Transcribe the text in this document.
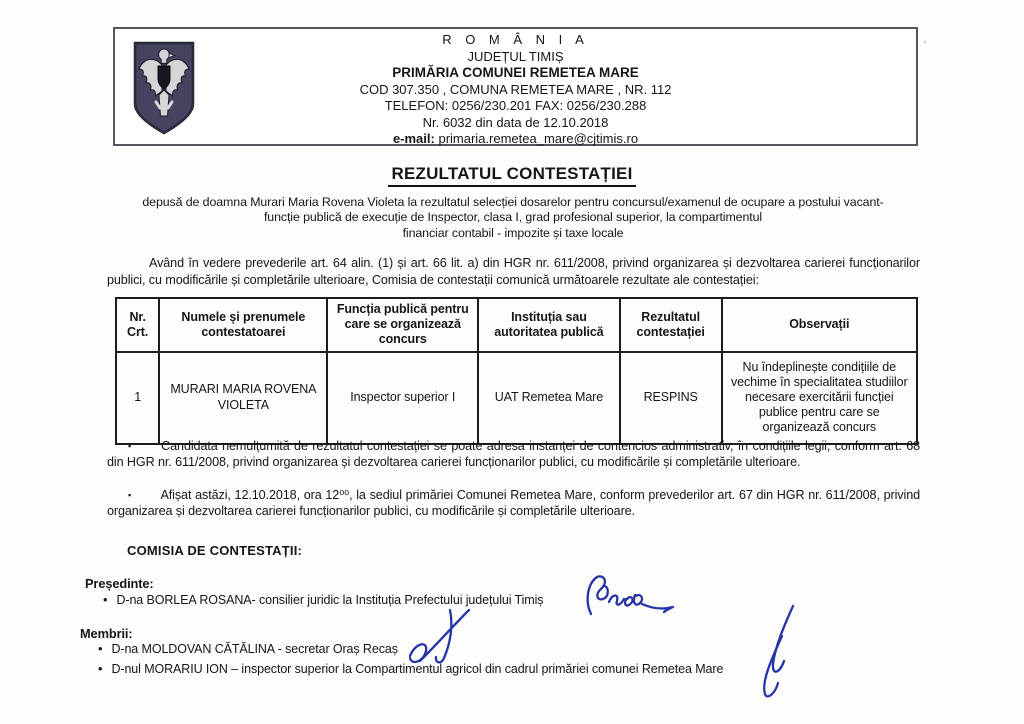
R O M Â N I A
JUDEȚUL TIMIȘ
PRIMĂRIA COMUNEI REMETEA MARE
COD 307.350 , COMUNA REMETEA MARE , NR. 112
TELEFON: 0256/230.201 FAX: 0256/230.288
Nr. 6032 din data de 12.10.2018
e-mail: primaria.remetea_mare@cjtimis.ro
'
REZULTATUL CONTESTAȚIEI
depusă de doamna Murari Maria Rovena Violeta la rezultatul selecției dosarelor pentru concursul/examenul de ocupare a postului vacant-
funcție publică de execuție de Inspector, clasa I, grad profesional superior, la compartimentul
financiar contabil - impozite și taxe locale
Având în vedere prevederile art. 64 alin. (1) și art. 66 lit. a) din HGR nr. 611/2008, privind organizarea și dezvoltarea carierei funcționarilor publici, cu modificările și completările ulterioare, Comisia de contestații comunică următoarele rezultate ale contestației:
Nr. Crt.	Numele și prenumele contestatoarei	Funcția publică pentru care se organizează concurs	Instituția sau autoritatea publică	Rezultatul contestației	Observații
1	MURARI MARIA ROVENA VIOLETA	Inspector superior I	UAT Remetea Mare	RESPINS	Nu îndeplinește condițiile de vechime în specialitatea studiilor necesare exercitării funcției publice pentru care se organizează concurs

▪ Candidata nemulțumită de rezultatul contestației se poate adresa instanței de contencios administrativ, în condițiile legii, conform art. 68 din HGR nr. 611/2008, privind organizarea și dezvoltarea carierei funcționarilor publici, cu modificările și completările ulterioare.

▪ Afișat astăzi, 12.10.2018, ora 12⁰⁰, la sediul primăriei Comunei Remetea Mare, conform prevederilor art. 67 din HGR nr. 611/2008, privind organizarea și dezvoltarea carierei funcționarilor publici, cu modificările și completările ulterioare.

COMISIA DE CONTESTAȚII:
Președinte:
• D-na BORLEA ROSANA- consilier juridic la Instituția Prefectului județului Timiș
Membrii:
• D-na MOLDOVAN CĂTĂLINA - secretar Oraș Recaș
• D-nul MORARIU ION – inspector superior la Compartimentul agricol din cadrul primăriei comunei Remetea Mare
